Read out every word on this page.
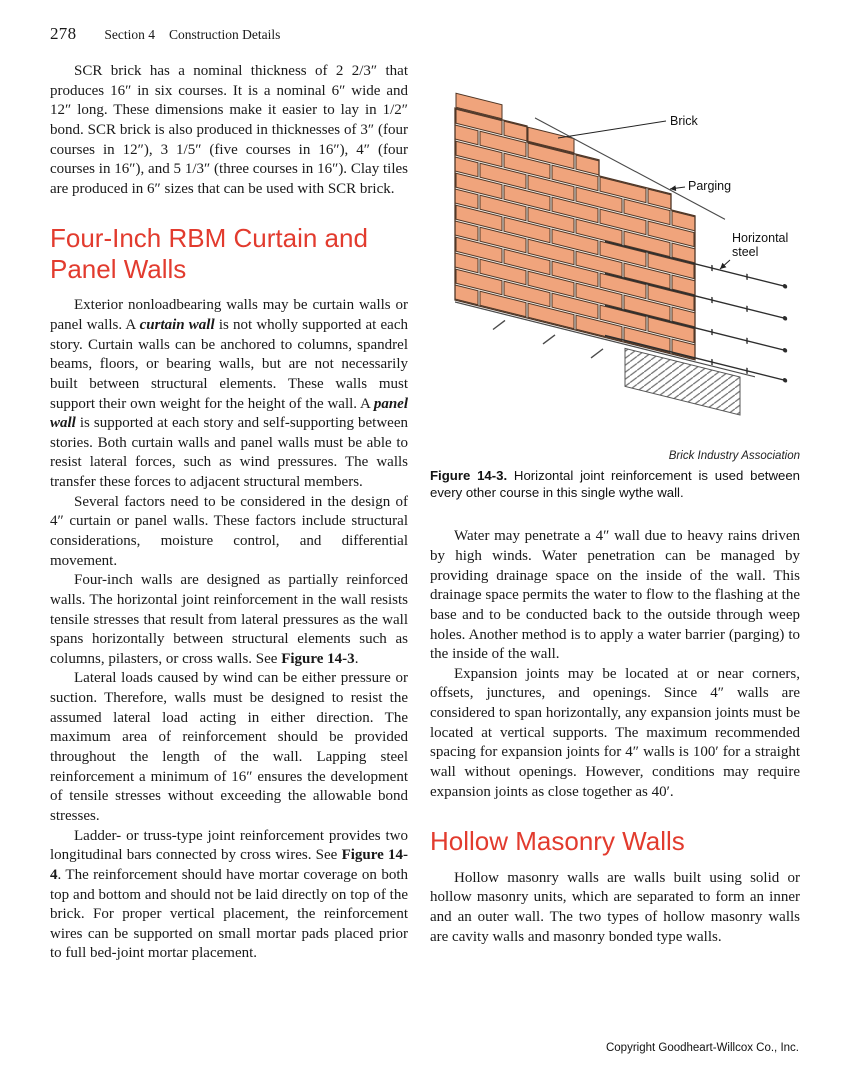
278 Section 4 Construction Details

SCR brick has a nominal thickness of 2 2/3″ that produces 16″ in six courses. It is a nominal 6″ wide and 12″ long. These dimensions make it easier to lay in 1/2″ bond. SCR brick is also produced in thicknesses of 3″ (four courses in 12″), 3 1/5″ (five courses in 16″), 4″ (four courses in 16″), and 5 1/3″ (three courses in 16″). Clay tiles are produced in 6″ sizes that can be used with SCR brick.

Four-Inch RBM Curtain and Panel Walls

Exterior nonloadbearing walls may be curtain walls or panel walls. A curtain wall is not wholly supported at each story. Curtain walls can be anchored to columns, spandrel beams, floors, or bearing walls, but are not necessarily built between structural elements. These walls must support their own weight for the height of the wall. A panel wall is supported at each story and self-supporting between stories. Both curtain walls and panel walls must be able to resist lateral forces, such as wind pressures. The walls transfer these forces to adjacent structural members.

Several factors need to be considered in the design of 4″ curtain or panel walls. These factors include structural considerations, moisture control, and differential movement.

Four-inch walls are designed as partially reinforced walls. The horizontal joint reinforcement in the wall resists tensile stresses that result from lateral pressures as the wall spans horizontally between structural elements such as columns, pilasters, or cross walls. See Figure 14-3.

Lateral loads caused by wind can be either pressure or suction. Therefore, walls must be designed to resist the assumed lateral load acting in either direction. The maximum area of reinforcement should be provided throughout the length of the wall. Lapping steel reinforcement a minimum of 16″ ensures the development of tensile stresses without exceeding the allowable bond stresses.

Ladder- or truss-type joint reinforcement provides two longitudinal bars connected by cross wires. See Figure 14-4. The reinforcement should have mortar coverage on both top and bottom and should not be laid directly on top of the brick. For proper vertical placement, the reinforcement wires can be supported on small mortar pads placed prior to full bed-joint mortar placement.

Brick
Parging
Horizontal
steel
Brick Industry Association
Figure 14-3. Horizontal joint reinforcement is used between every other course in this single wythe wall.

Water may penetrate a 4″ wall due to heavy rains driven by high winds. Water penetration can be managed by providing drainage space on the inside of the wall. This drainage space permits the water to flow to the flashing at the base and to be conducted back to the outside through weep holes. Another method is to apply a water barrier (parging) to the inside of the wall.

Expansion joints may be located at or near corners, offsets, junctures, and openings. Since 4″ walls are considered to span horizontally, any expansion joints must be located at vertical supports. The maximum recommended spacing for expansion joints for 4″ walls is 100′ for a straight wall without openings. However, conditions may require expansion joints as close together as 40′.

Hollow Masonry Walls

Hollow masonry walls are walls built using solid or hollow masonry units, which are separated to form an inner and an outer wall. The two types of hollow masonry walls are cavity walls and masonry bonded type walls.

Copyright Goodheart-Willcox Co., Inc.
